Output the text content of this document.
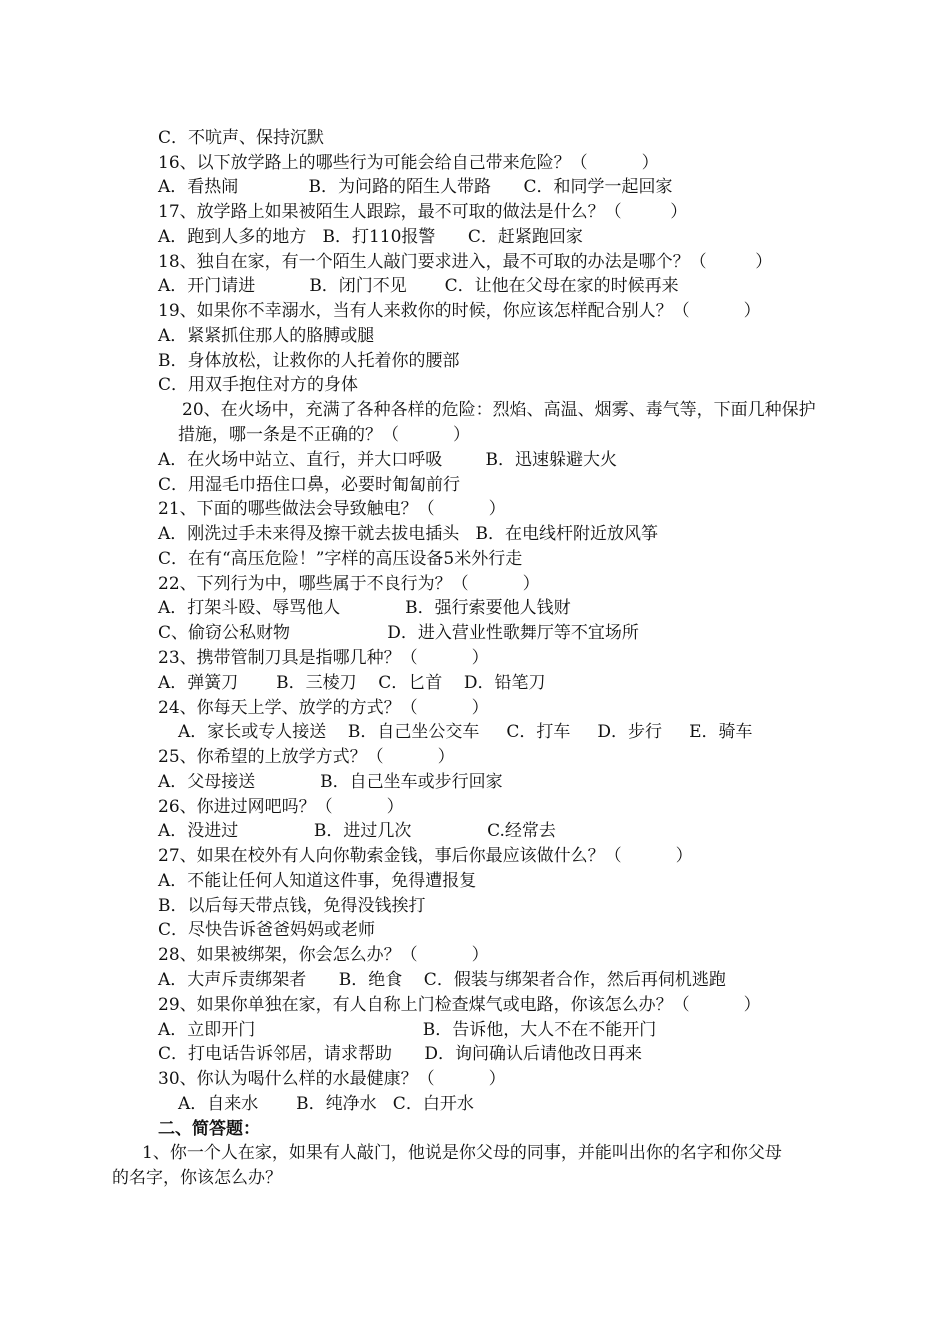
C．不吭声、保持沉默
16、以下放学路上的哪些行为可能会给自己带来危险？（          ）
A．看热闹             B．为问路的陌生人带路      C．和同学一起回家
17、放学路上如果被陌生人跟踪，最不可取的做法是什么？（         ）
A．跑到人多的地方   B．打110报警      C．赶紧跑回家
18、独自在家，有一个陌生人敲门要求进入，最不可取的办法是哪个？（         ）
A．开门请进          B．闭门不见       C．让他在父母在家的时候再来
19、如果你不幸溺水，当有人来救你的时候，你应该怎样配合别人？（          ）
A．紧紧抓住那人的胳膊或腿
B．身体放松，让救你的人托着你的腰部
C．用双手抱住对方的身体
20、在火场中，充满了各种各样的危险：烈焰、高温、烟雾、毒气等，下面几种保护
措施，哪一条是不正确的？（          ）
A．在火场中站立、直行，并大口呼吸        B．迅速躲避大火
C．用湿毛巾捂住口鼻，必要时匍匐前行
21、下面的哪些做法会导致触电？（          ）
A．刚洗过手未来得及擦干就去拔电插头   B．在电线杆附近放风筝
C．在有“高压危险！”字样的高压设备5米外行走
22、下列行为中，哪些属于不良行为？（          ）
A．打架斗殴、辱骂他人            B．强行索要他人钱财
C、偷窃公私财物                  D．进入营业性歌舞厅等不宜场所
23、携带管制刀具是指哪几种？（          ）
A．弹簧刀       B．三棱刀    C．匕首    D．铅笔刀
24、你每天上学、放学的方式？（          ）
A．家长或专人接送    B．自己坐公交车     C．打车     D．步行     E．骑车
25、你希望的上放学方式？（          ）
A．父母接送            B．自己坐车或步行回家
26、你进过网吧吗？（          ）
A．没进过              B．进过几次              C.经常去
27、如果在校外有人向你勒索金钱，事后你最应该做什么？（          ）
A．不能让任何人知道这件事，免得遭报复
B．以后每天带点钱，免得没钱挨打
C．尽快告诉爸爸妈妈或老师
28、如果被绑架，你会怎么办？（          ）
A．大声斥责绑架者      B．绝食    C．假装与绑架者合作，然后再伺机逃跑
29、如果你单独在家，有人自称上门检查煤气或电路，你该怎么办？（          ）
A．立即开门                               B．告诉他，大人不在不能开门
C．打电话告诉邻居，请求帮助      D．询问确认后请他改日再来
30、你认为喝什么样的水最健康？（          ）
A．自来水       B．纯净水   C．白开水
二、简答题：
1、你一个人在家，如果有人敲门，他说是你父母的同事，并能叫出你的名字和你父母
的名字，你该怎么办？
